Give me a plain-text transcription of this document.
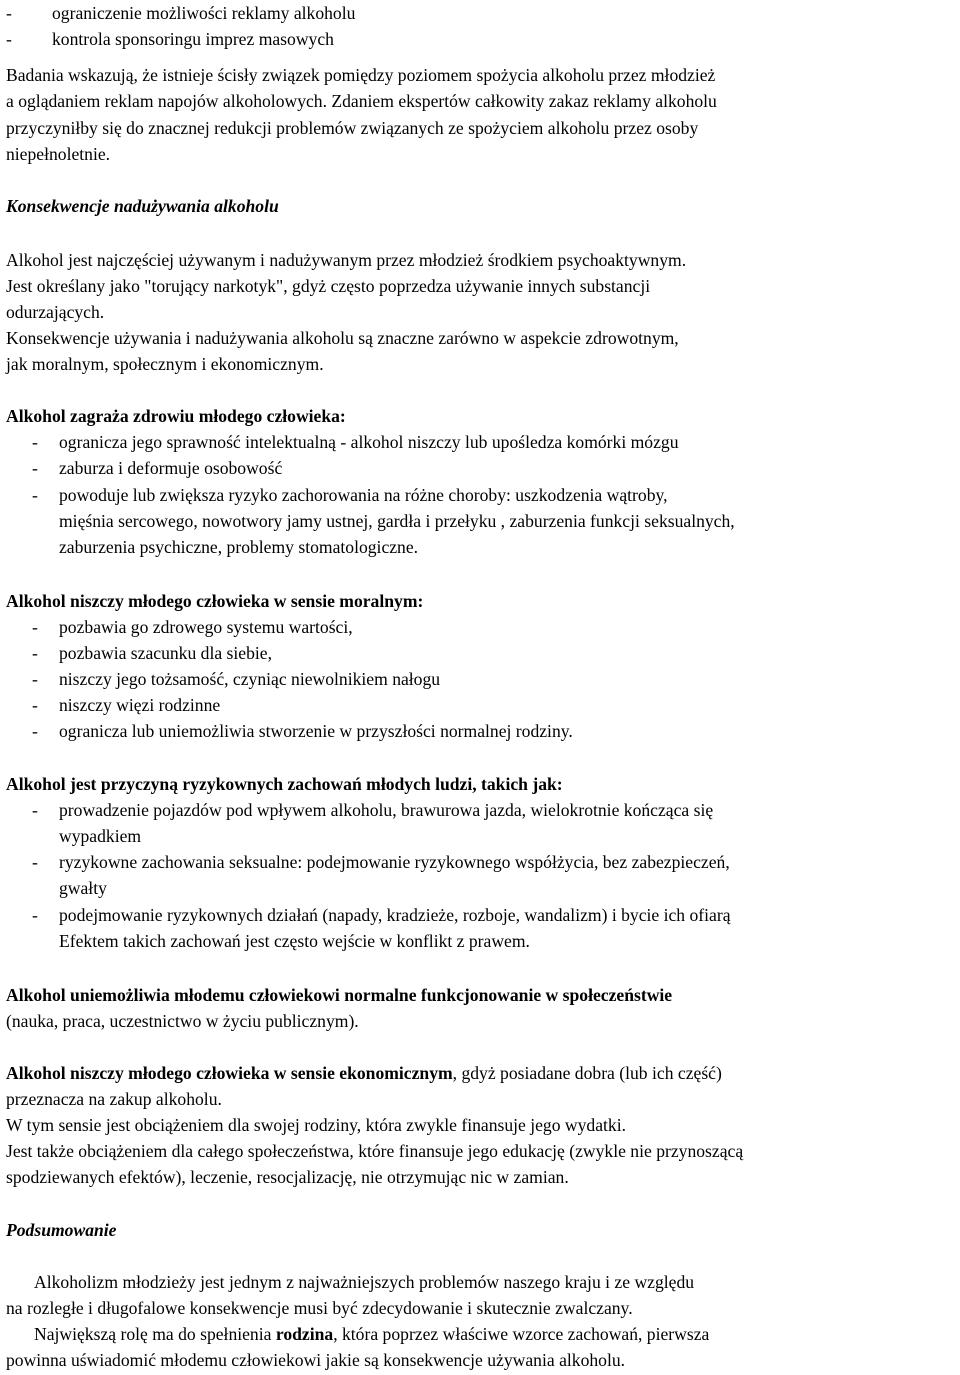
- ograniczenie możliwości reklamy alkoholu
- kontrola sponsoringu imprez masowych
Badania wskazują, że istnieje ścisły związek pomiędzy poziomem spożycia alkoholu przez młodzież
a oglądaniem reklam napojów alkoholowych. Zdaniem ekspertów całkowity zakaz reklamy alkoholu
przyczyniłby się do znacznej redukcji problemów związanych ze spożyciem alkoholu przez osoby
niepełnoletnie.
Konsekwencje nadużywania alkoholu
Alkohol jest najczęściej używanym i nadużywanym przez młodzież środkiem psychoaktywnym.
Jest określany jako "torujący narkotyk", gdyż często poprzedza używanie innych substancji
odurzających.
Konsekwencje używania i nadużywania alkoholu są znaczne zarówno w aspekcie zdrowotnym,
jak moralnym, społecznym i ekonomicznym.
Alkohol zagraża zdrowiu młodego człowieka:
- ogranicza jego sprawność intelektualną - alkohol niszczy lub upośledza komórki mózgu
- zaburza i deformuje osobowość
- powoduje lub zwiększa ryzyko zachorowania na różne choroby: uszkodzenia wątroby,
mięśnia sercowego, nowotwory jamy ustnej, gardła i przełyku , zaburzenia funkcji seksualnych,
zaburzenia psychiczne, problemy stomatologiczne.
Alkohol niszczy młodego człowieka w sensie moralnym:
- pozbawia go zdrowego systemu wartości,
- pozbawia szacunku dla siebie,
- niszczy jego tożsamość, czyniąc niewolnikiem nałogu
- niszczy więzi rodzinne
- ogranicza lub uniemożliwia stworzenie w przyszłości normalnej rodziny.
Alkohol jest przyczyną ryzykownych zachowań młodych ludzi, takich jak:
- prowadzenie pojazdów pod wpływem alkoholu, brawurowa jazda, wielokrotnie kończąca się
wypadkiem
- ryzykowne zachowania seksualne: podejmowanie ryzykownego współżycia, bez zabezpieczeń,
gwałty
- podejmowanie ryzykownych działań (napady, kradzieże, rozboje, wandalizm) i bycie ich ofiarą
Efektem takich zachowań jest często wejście w konflikt z prawem.
Alkohol uniemożliwia młodemu człowiekowi normalne funkcjonowanie w społeczeństwie
(nauka, praca, uczestnictwo w życiu publicznym).
Alkohol niszczy młodego człowieka w sensie ekonomicznym, gdyż posiadane dobra (lub ich część)
przeznacza na zakup alkoholu.
W tym sensie jest obciążeniem dla swojej rodziny, która zwykle finansuje jego wydatki.
Jest także obciążeniem dla całego społeczeństwa, które finansuje jego edukację (zwykle nie przynoszącą
spodziewanych efektów), leczenie, resocjalizację, nie otrzymując nic w zamian.
Podsumowanie
Alkoholizm młodzieży jest jednym z najważniejszych problemów naszego kraju i ze względu
na rozległe i długofalowe konsekwencje musi być zdecydowanie i skutecznie zwalczany.
Największą rolę ma do spełnienia rodzina, która poprzez właściwe wzorce zachowań, pierwsza
powinna uświadomić młodemu człowiekowi jakie są konsekwencje używania alkoholu.
